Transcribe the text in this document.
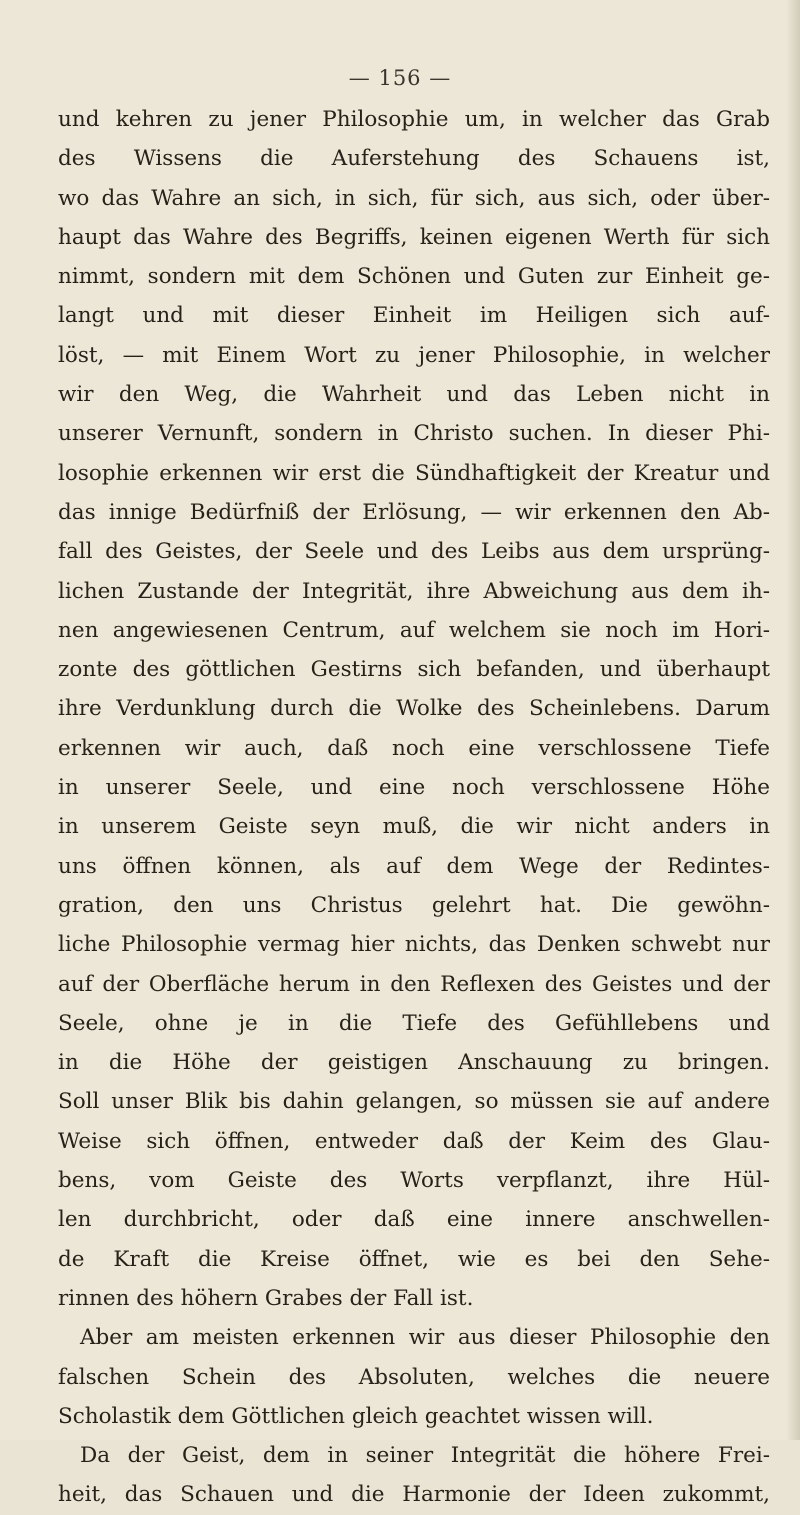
— 156 —
und kehren zu jener Philosophie um, in welcher das Grab
des Wissens die Auferstehung des Schauens ist,
wo das Wahre an sich, in sich, für sich, aus sich, oder über-
haupt das Wahre des Begriffs, keinen eigenen Werth für sich
nimmt, sondern mit dem Schönen und Guten zur Einheit ge-
langt und mit dieser Einheit im Heiligen sich auf-
löst, — mit Einem Wort zu jener Philosophie, in welcher
wir den Weg, die Wahrheit und das Leben nicht in
unserer Vernunft, sondern in Christo suchen. In dieser Phi-
losophie erkennen wir erst die Sündhaftigkeit der Kreatur und
das innige Bedürfniß der Erlösung, — wir erkennen den Ab-
fall des Geistes, der Seele und des Leibs aus dem ursprüng-
lichen Zustande der Integrität, ihre Abweichung aus dem ih-
nen angewiesenen Centrum, auf welchem sie noch im Hori-
zonte des göttlichen Gestirns sich befanden, und überhaupt
ihre Verdunklung durch die Wolke des Scheinlebens. Darum
erkennen wir auch, daß noch eine verschlossene Tiefe
in unserer Seele, und eine noch verschlossene Höhe
in unserem Geiste seyn muß, die wir nicht anders in
uns öffnen können, als auf dem Wege der Redintes-
gration, den uns Christus gelehrt hat. Die gewöhn-
liche Philosophie vermag hier nichts, das Denken schwebt nur
auf der Oberfläche herum in den Reflexen des Geistes und der
Seele, ohne je in die Tiefe des Gefühllebens und
in die Höhe der geistigen Anschauung zu bringen.
Soll unser Blik bis dahin gelangen, so müssen sie auf andere
Weise sich öffnen, entweder daß der Keim des Glau-
bens, vom Geiste des Worts verpflanzt, ihre Hül-
len durchbricht, oder daß eine innere anschwellen-
de Kraft die Kreise öffnet, wie es bei den Sehe-
rinnen des höhern Grabes der Fall ist.
Aber am meisten erkennen wir aus dieser Philosophie den
falschen Schein des Absoluten, welches die neuere
Scholastik dem Göttlichen gleich geachtet wissen will.
Da der Geist, dem in seiner Integrität die höhere Frei-
heit, das Schauen und die Harmonie der Ideen zukommt,
